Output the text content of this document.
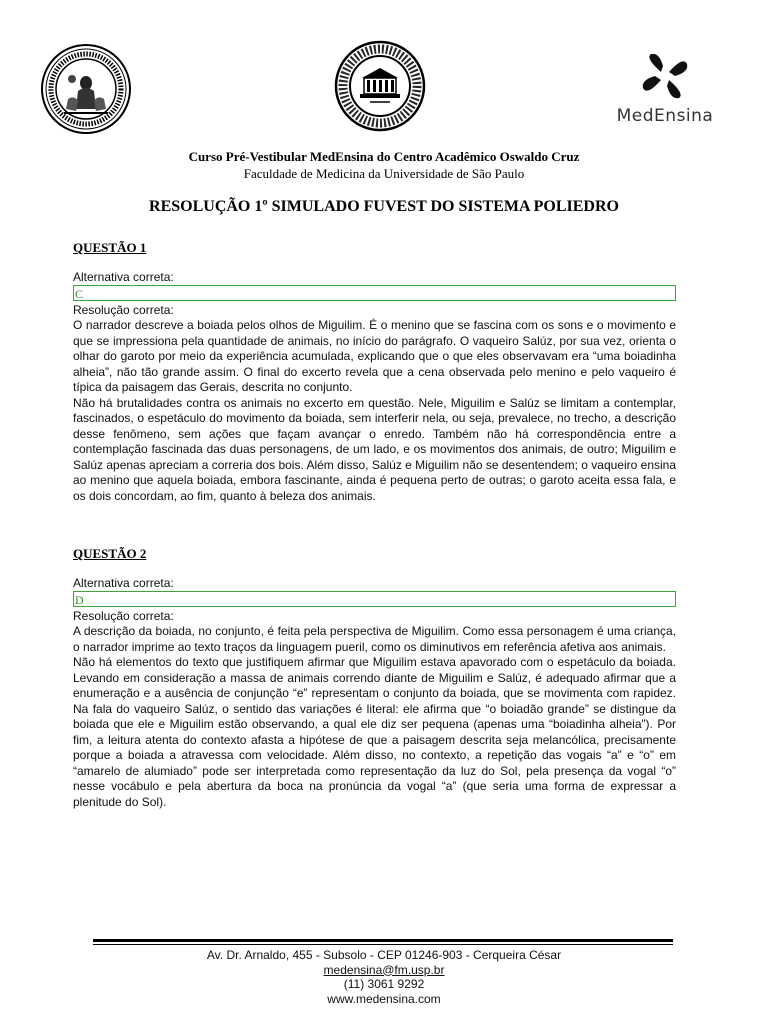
MedEnsina
Curso Pré-Vestibular MedEnsina do Centro Acadêmico Oswaldo Cruz
Faculdade de Medicina da Universidade de São Paulo
RESOLUÇÃO 1º SIMULADO FUVEST DO SISTEMA POLIEDRO
QUESTÃO 1
Alternativa correta:
C
Resolução correta:

O narrador descreve a boiada pelos olhos de Miguilim. É o menino que se fascina com os sons e o movimento e que se impressiona pela quantidade de animais, no início do parágrafo. O vaqueiro Salúz, por sua vez, orienta o olhar do garoto por meio da experiência acumulada, explicando que o que eles observavam era “uma boiadinha alheia”, não tão grande assim. O final do excerto revela que a cena observada pelo menino e pelo vaqueiro é típica da paisagem das Gerais, descrita no conjunto.

Não há brutalidades contra os animais no excerto em questão. Nele, Miguilim e Salúz se limitam a contemplar, fascinados, o espetáculo do movimento da boiada, sem interferir nela, ou seja, prevalece, no trecho, a descrição desse fenômeno, sem ações que façam avançar o enredo. Também não há correspondência entre a contemplação fascinada das duas personagens, de um lado, e os movimentos dos animais, de outro; Miguilim e Salúz apenas apreciam a correria dos bois. Além disso, Salúz e Miguilim não se desentendem; o vaqueiro ensina ao menino que aquela boiada, embora fascinante, ainda é pequena perto de outras; o garoto aceita essa fala, e os dois concordam, ao fim, quanto à beleza dos animais.

QUESTÃO 2
Alternativa correta:
D
Resolução correta:

A descrição da boiada, no conjunto, é feita pela perspectiva de Miguilim. Como essa personagem é uma criança, o narrador imprime ao texto traços da linguagem pueril, como os diminutivos em referência afetiva aos animais.

Não há elementos do texto que justifiquem afirmar que Miguilim estava apavorado com o espetáculo da boiada. Levando em consideração a massa de animais correndo diante de Miguilim e Salúz, é adequado afirmar que a enumeração e a ausência de conjunção “e” representam o conjunto da boiada, que se movimenta com rapidez. Na fala do vaqueiro Salúz, o sentido das variações é literal: ele afirma que “o boiadão grande” se distingue da boiada que ele e Miguilim estão observando, a qual ele diz ser pequena (apenas uma “boiadinha alheia”). Por fim, a leitura atenta do contexto afasta a hipótese de que a paisagem descrita seja melancólica, precisamente porque a boiada a atravessa com velocidade. Além disso, no contexto, a repetição das vogais “a” e “o” em “amarelo de alumiado” pode ser interpretada como representação da luz do Sol, pela presença da vogal “o” nesse vocábulo e pela abertura da boca na pronúncia da vogal “a” (que seria uma forma de expressar a plenitude do Sol).

Av. Dr. Arnaldo, 455 - Subsolo - CEP 01246-903 - Cerqueira César
medensina@fm.usp.br
(11) 3061 9292
www.medensina.com
